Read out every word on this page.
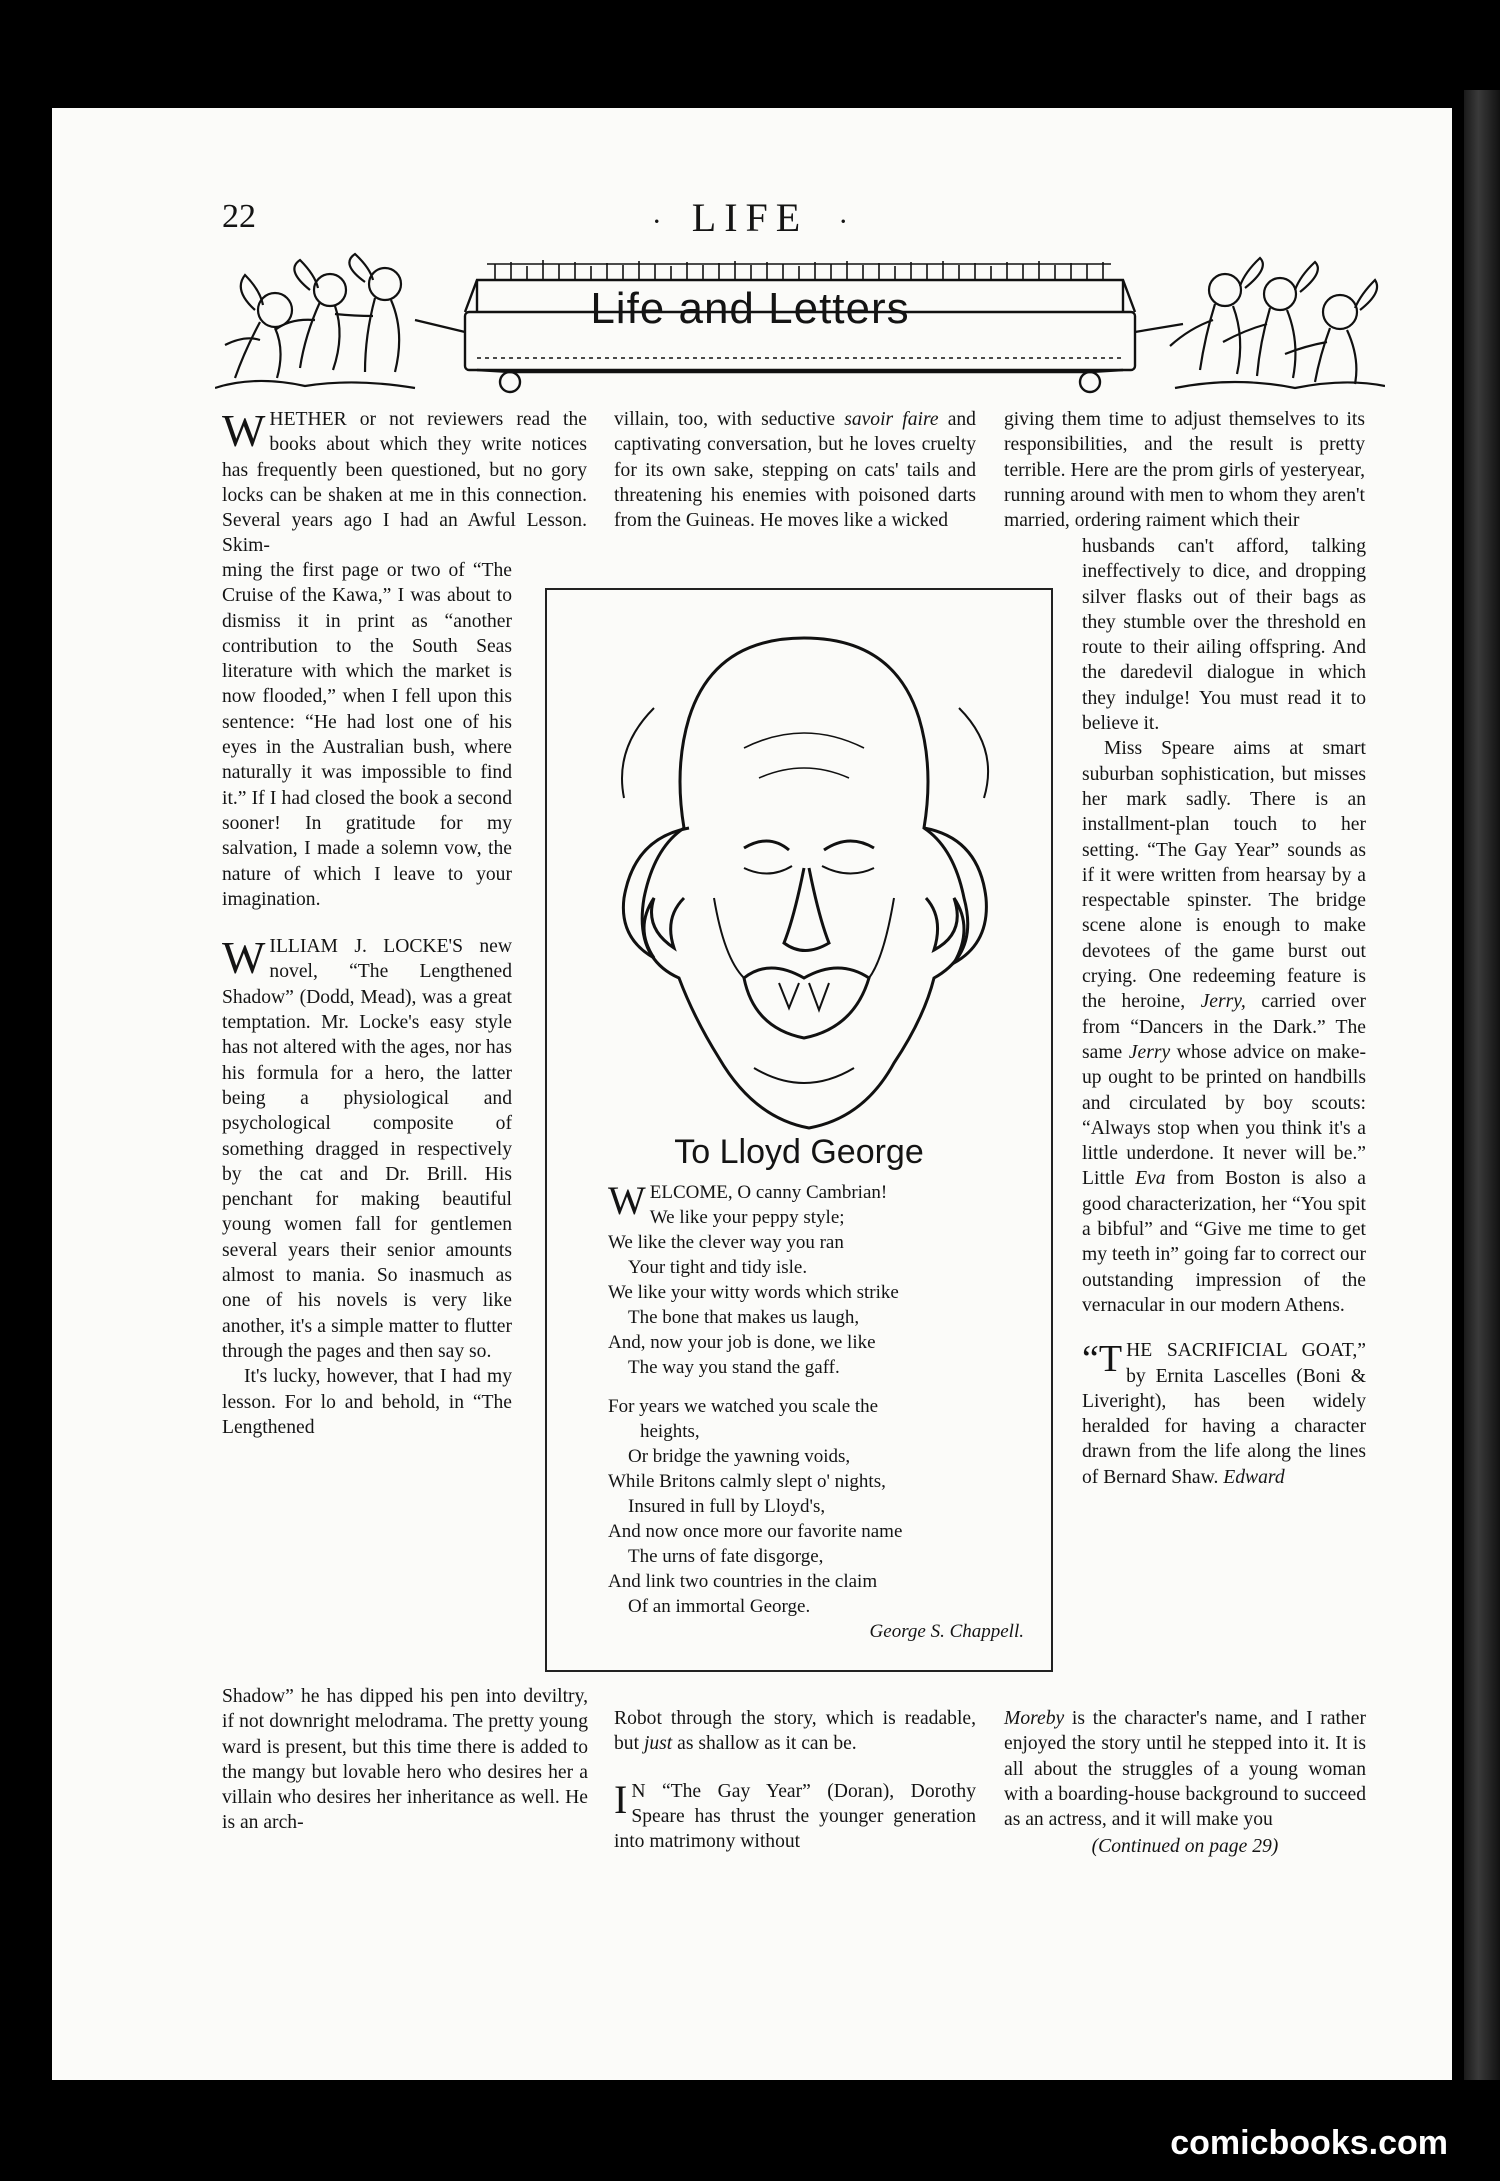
22	· LIFE ·
Life and Letters

WHETHER or not reviewers read the books about which they write notices has frequently been questioned, but no gory locks can be shaken at me in this connection. Several years ago I had an Awful Lesson. Skim-

ming the first page or two of “The Cruise of the Kawa,” I was about to dismiss it in print as “another contribution to the South Seas literature with which the market is now flooded,” when I fell upon this sentence: “He had lost one of his eyes in the Australian bush, where naturally it was impossible to find it.” If I had closed the book a second sooner! In gratitude for my salvation, I made a solemn vow, the nature of which I leave to your imagination.

WILLIAM J. LOCKE'S new novel, “The Lengthened Shadow” (Dodd, Mead), was a great temptation. Mr. Locke's easy style has not altered with the ages, nor has his formula for a hero, the latter being a physiological and psychological composite of something dragged in respectively by the cat and Dr. Brill. His penchant for making beautiful young women fall for gentlemen several years their senior amounts almost to mania. So inasmuch as one of his novels is very like another, it's a simple matter to flutter through the pages and then say so.

It's lucky, however, that I had my lesson. For lo and behold, in “The Lengthened

Shadow” he has dipped his pen into deviltry, if not downright melodrama. The pretty young ward is present, but this time there is added to the mangy but lovable hero who desires her a villain who desires her inheritance as well. He is an arch-

villain, too, with seductive savoir faire and captivating conversation, but he loves cruelty for its own sake, stepping on cats' tails and threatening his enemies with poisoned darts from the Guineas. He moves like a wicked

To Lloyd George
WELCOME, O canny Cambrian!
We like your peppy style;
We like the clever way you ran
Your tight and tidy isle.
We like your witty words which strike
The bone that makes us laugh,
And, now your job is done, we like
The way you stand the gaff.
For years we watched you scale the
heights,
Or bridge the yawning voids,
While Britons calmly slept o' nights,
Insured in full by Lloyd's,
And now once more our favorite name
The urns of fate disgorge,
And link two countries in the claim
Of an immortal George.
George S. Chappell.

Robot through the story, which is readable, but just as shallow as it can be.

I N “The Gay Year” (Doran), Dorothy Speare has thrust the younger generation into matrimony without

giving them time to adjust themselves to its responsibilities, and the result is pretty terrible. Here are the prom girls of yesteryear, running around with men to whom they aren't married, ordering raiment which their

husbands can't afford, talking ineffectively to dice, and dropping silver flasks out of their bags as they stumble over the threshold en route to their ailing offspring. And the daredevil dialogue in which they indulge! You must read it to believe it.

Miss Speare aims at smart suburban sophistication, but misses her mark sadly. There is an installment-plan touch to her setting. “The Gay Year” sounds as if it were written from hearsay by a respectable spinster. The bridge scene alone is enough to make devotees of the game burst out crying. One redeeming feature is the heroine, Jerry, carried over from “Dancers in the Dark.” The same Jerry whose advice on make-up ought to be printed on handbills and circulated by boy scouts: “Always stop when you think it's a little underdone. It never will be.” Little Eva from Boston is also a good characterization, her “You spit a bibful” and “Give me time to get my teeth in” going far to correct our outstanding impression of the vernacular in our modern Athens.

“THE SACRIFICIAL GOAT,” by Ernita Lascelles (Boni & Liveright), has been widely heralded for having a character drawn from the life along the lines of Bernard Shaw. Edward

Moreby is the character's name, and I rather enjoyed the story until he stepped into it. It is all about the struggles of a young woman with a boarding-house background to succeed as an actress, and it will make you

(Continued on page 29)

comicbooks.com
